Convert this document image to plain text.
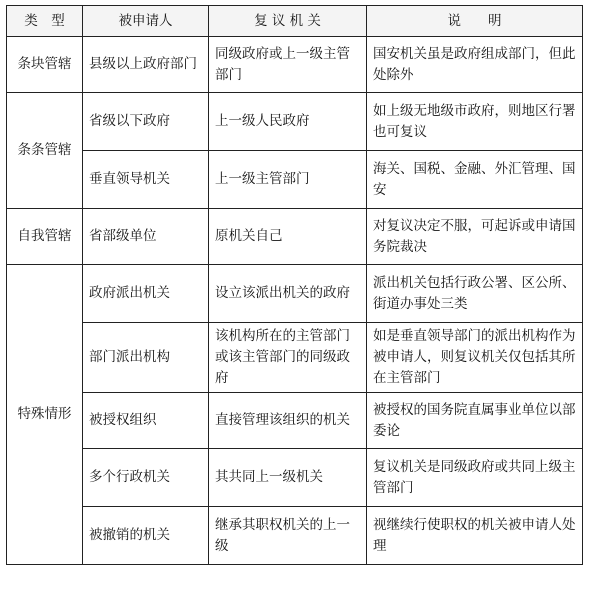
类　型	被申请人	复 议 机 关	说　　明
条块管辖	县级以上政府部门	同级政府或上一级主管部门	国安机关虽是政府组成部门，但此处除外
条条管辖	省级以下政府	上一级人民政府	如上级无地级市政府，则地区行署也可复议
	垂直领导机关	上一级主管部门	海关、国税、金融、外汇管理、国安
自我管辖	省部级单位	原机关自己	对复议决定不服，可起诉或申请国务院裁决
特殊情形	政府派出机关	设立该派出机关的政府	派出机关包括行政公署、区公所、街道办事处三类
	部门派出机构	该机构所在的主管部门或该主管部门的同级政府	如是垂直领导部门的派出机构作为被申请人，则复议机关仅包括其所在主管部门
	被授权组织	直接管理该组织的机关	被授权的国务院直属事业单位以部委论
	多个行政机关	其共同上一级机关	复议机关是同级政府或共同上级主管部门
	被撤销的机关	继承其职权机关的上一级	视继续行使职权的机关被申请人处理
